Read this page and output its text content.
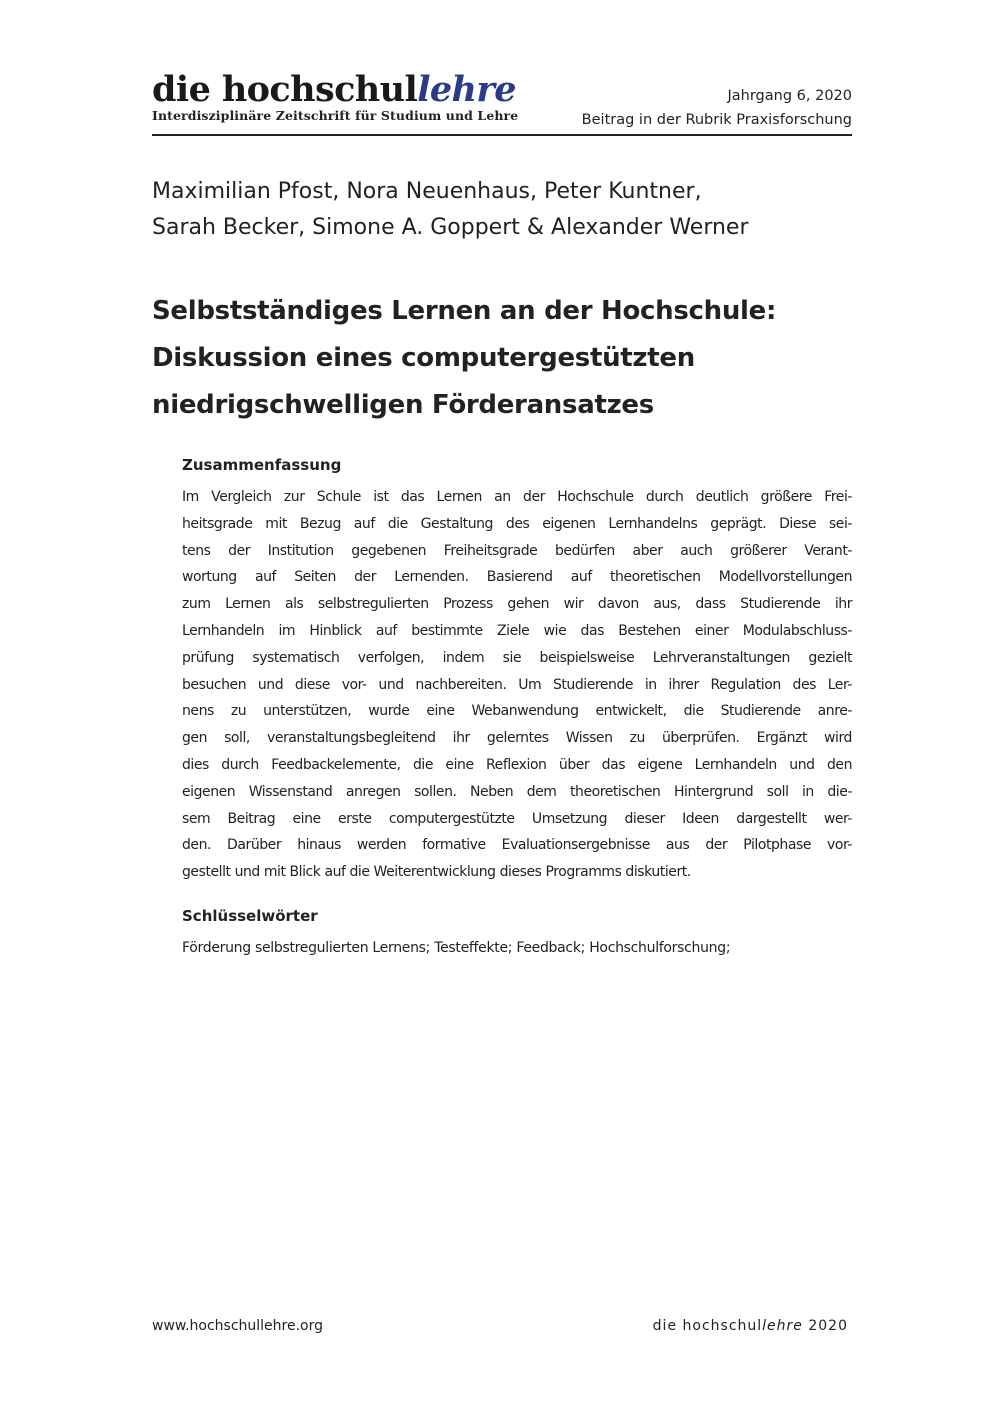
die hochschullehre
Interdisziplinäre Zeitschrift für Studium und Lehre
Jahrgang 6, 2020
Beitrag in der Rubrik Praxisforschung
Maximilian Pfost, Nora Neuenhaus, Peter Kuntner,
Sarah Becker, Simone A. Goppert & Alexander Werner
Selbstständiges Lernen an der Hochschule:
Diskussion eines computergestützten
niedrigschwelligen Förderansatzes
Zusammenfassung
Im Vergleich zur Schule ist das Lernen an der Hochschule durch deutlich größere Frei-
heitsgrade mit Bezug auf die Gestaltung des eigenen Lernhandelns geprägt. Diese sei-
tens der Institution gegebenen Freiheitsgrade bedürfen aber auch größerer Verant-
wortung auf Seiten der Lernenden. Basierend auf theoretischen Modellvorstellungen
zum Lernen als selbstregulierten Prozess gehen wir davon aus, dass Studierende ihr
Lernhandeln im Hinblick auf bestimmte Ziele wie das Bestehen einer Modulabschluss-
prüfung systematisch verfolgen, indem sie beispielsweise Lehrveranstaltungen gezielt
besuchen und diese vor- und nachbereiten. Um Studierende in ihrer Regulation des Ler-
nens zu unterstützen, wurde eine Webanwendung entwickelt, die Studierende anre-
gen soll, veranstaltungsbegleitend ihr gelerntes Wissen zu überprüfen. Ergänzt wird
dies durch Feedbackelemente, die eine Reflexion über das eigene Lernhandeln und den
eigenen Wissenstand anregen sollen. Neben dem theoretischen Hintergrund soll in die-
sem Beitrag eine erste computergestützte Umsetzung dieser Ideen dargestellt wer-
den. Darüber hinaus werden formative Evaluationsergebnisse aus der Pilotphase vor-
gestellt und mit Blick auf die Weiterentwicklung dieses Programms diskutiert.
Schlüsselwörter
Förderung selbstregulierten Lernens; Testeffekte; Feedback; Hochschulforschung;
www.hochschullehre.org	die hochschullehre 2020
